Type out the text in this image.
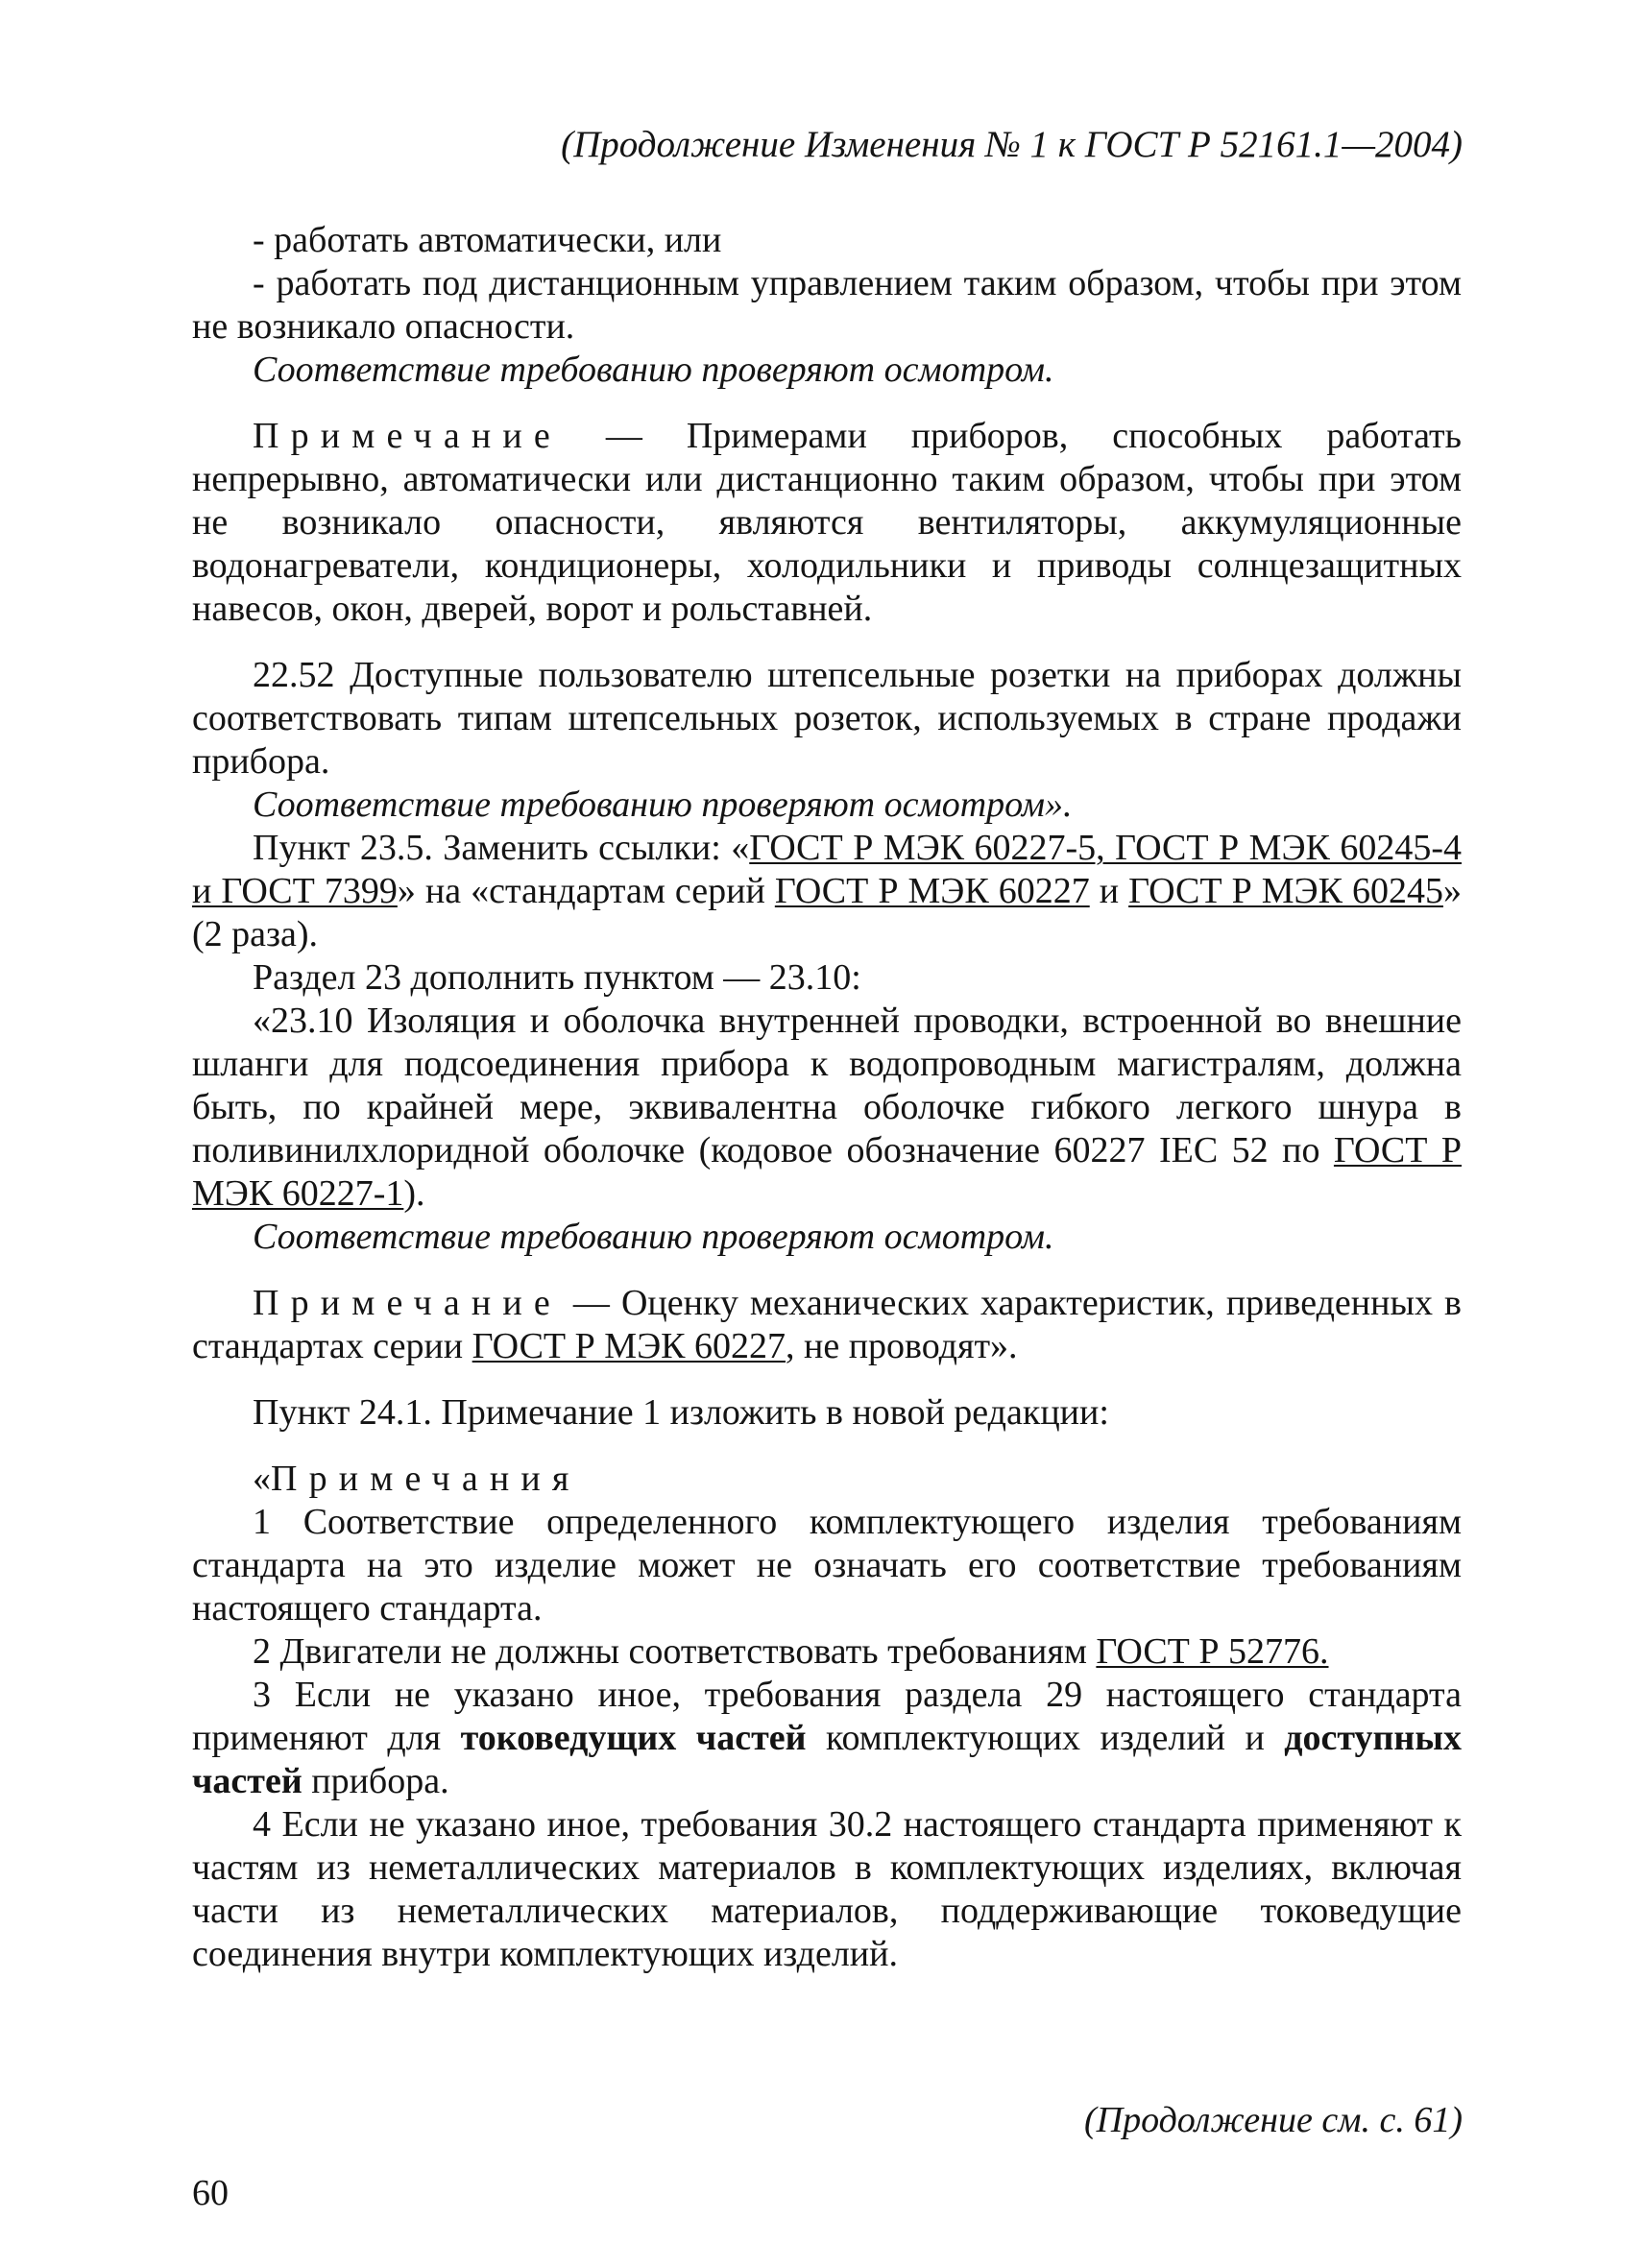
(Продолжение Изменения № 1 к ГОСТ Р 52161.1—2004)

- работать автоматически, или

- работать под дистанционным управлением таким образом, чтобы при этом не возникало опасности.

Соответствие требованию проверяют осмотром.

Примечание — Примерами приборов, способных работать непрерывно, автоматически или дистанционно таким образом, чтобы при этом не возникало опасности, являются вентиляторы, аккумуляционные водонагреватели, кондиционеры, холодильники и приводы солнцезащитных навесов, окон, дверей, ворот и рольставней.

22.52 Доступные пользователю штепсельные розетки на приборах должны соответствовать типам штепсельных розеток, используемых в стране продажи прибора.

Соответствие требованию проверяют осмотром».

Пункт 23.5. Заменить ссылки: «ГОСТ Р МЭК 60227-5, ГОСТ Р МЭК 60245-4 и ГОСТ 7399» на «стандартам серий ГОСТ Р МЭК 60227 и ГОСТ Р МЭК 60245» (2 раза).

Раздел 23 дополнить пунктом — 23.10:

«23.10 Изоляция и оболочка внутренней проводки, встроенной во внешние шланги для подсоединения прибора к водопроводным магистралям, должна быть, по крайней мере, эквивалентна оболочке гибкого легкого шнура в поливинилхлоридной оболочке (кодовое обозначение 60227 IEC 52 по ГОСТ Р МЭК 60227-1).

Соответствие требованию проверяют осмотром.

Примечание — Оценку механических характеристик, приведенных в стандартах серии ГОСТ Р МЭК 60227, не проводят».

Пункт 24.1. Примечание 1 изложить в новой редакции:

«Примечания

1 Соответствие определенного комплектующего изделия требованиям стандарта на это изделие может не означать его соответствие требованиям настоящего стандарта.

2 Двигатели не должны соответствовать требованиям ГОСТ Р 52776.

3 Если не указано иное, требования раздела 29 настоящего стандарта применяют для токоведущих частей комплектующих изделий и доступных частей прибора.

4 Если не указано иное, требования 30.2 настоящего стандарта применяют к частям из неметаллических материалов в комплектующих изделиях, включая части из неметаллических материалов, поддерживающие токоведущие соединения внутри комплектующих изделий.

(Продолжение см. с. 61)
60
